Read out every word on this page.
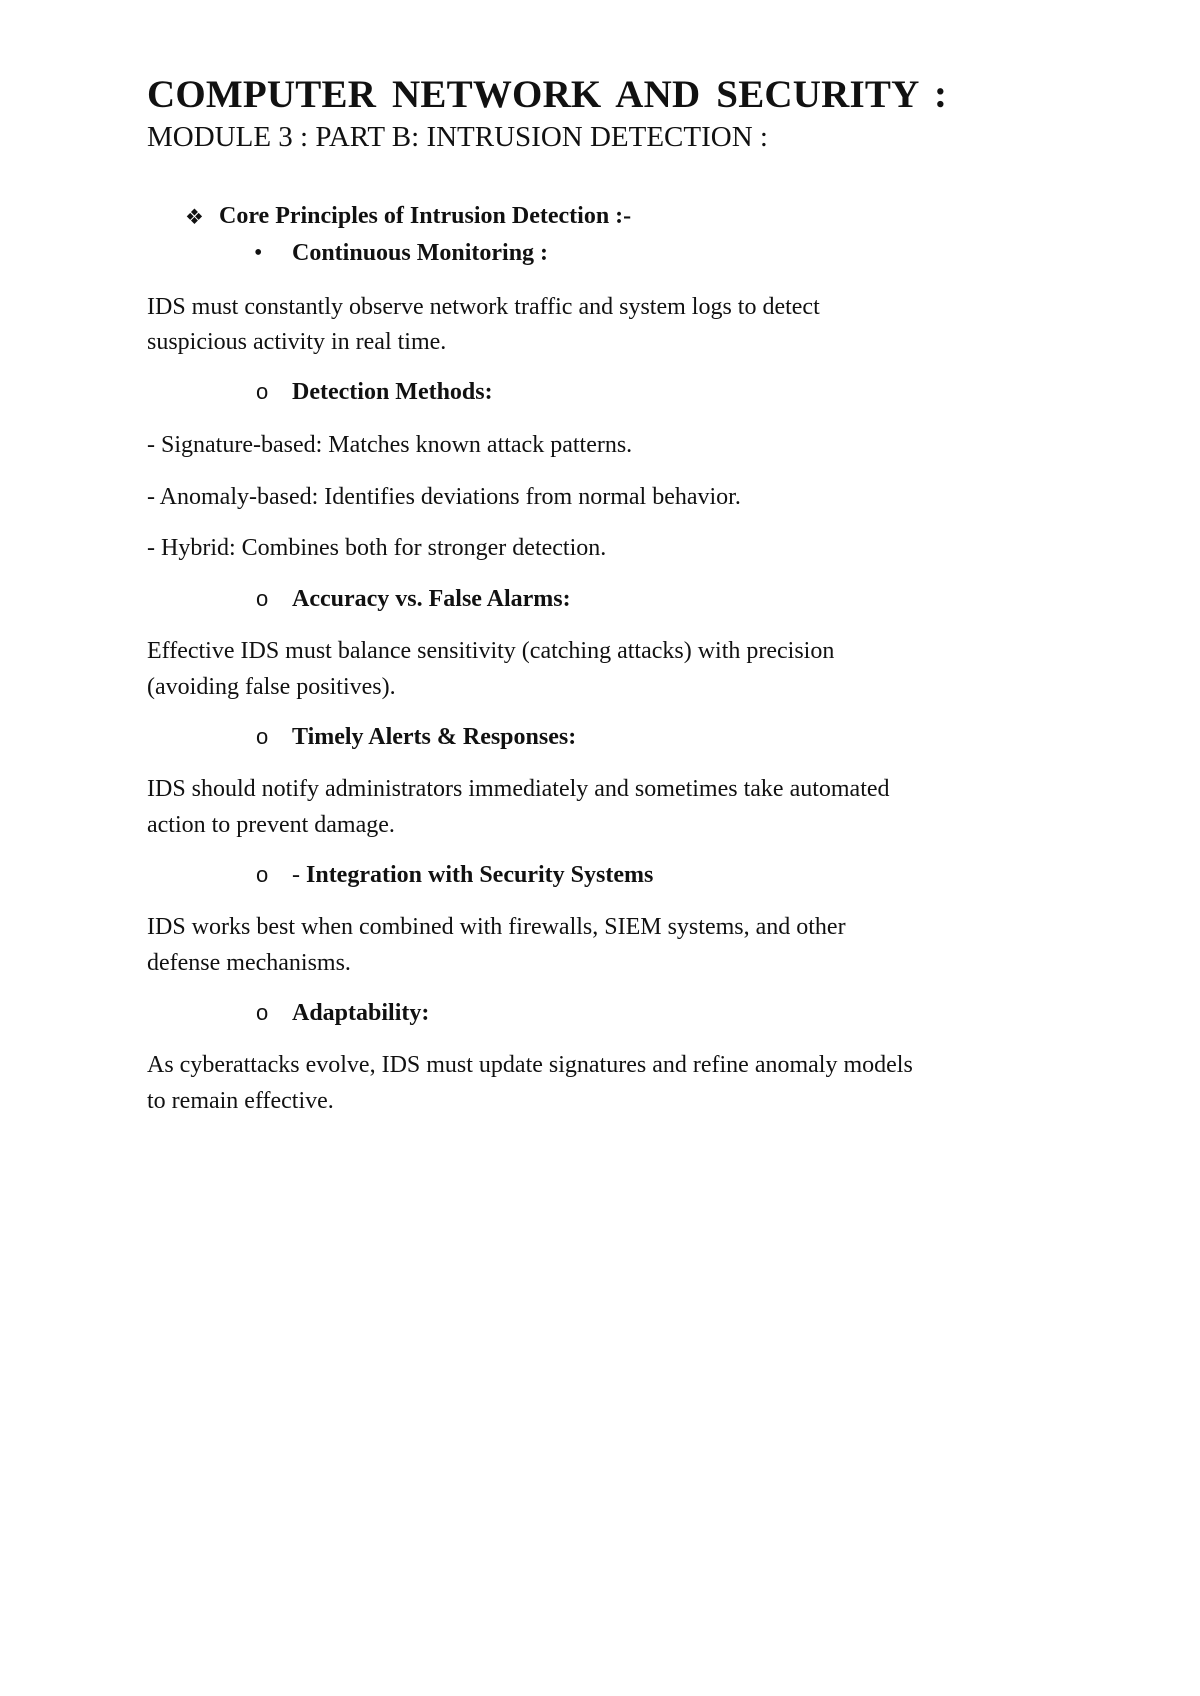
COMPUTER NETWORK AND SECURITY :
MODULE 3 : PART B: INTRUSION DETECTION :
❖ Core Principles of Intrusion Detection :-
• Continuous Monitoring :
IDS must constantly observe network traffic and system logs to detect
suspicious activity in real time.
o Detection Methods:
- Signature-based: Matches known attack patterns.
- Anomaly-based: Identifies deviations from normal behavior.
- Hybrid: Combines both for stronger detection.
o Accuracy vs. False Alarms:
Effective IDS must balance sensitivity (catching attacks) with precision
(avoiding false positives).
o Timely Alerts & Responses:
IDS should notify administrators immediately and sometimes take automated
action to prevent damage.
o - Integration with Security Systems
IDS works best when combined with firewalls, SIEM systems, and other
defense mechanisms.
o Adaptability:
As cyberattacks evolve, IDS must update signatures and refine anomaly models
to remain effective.
